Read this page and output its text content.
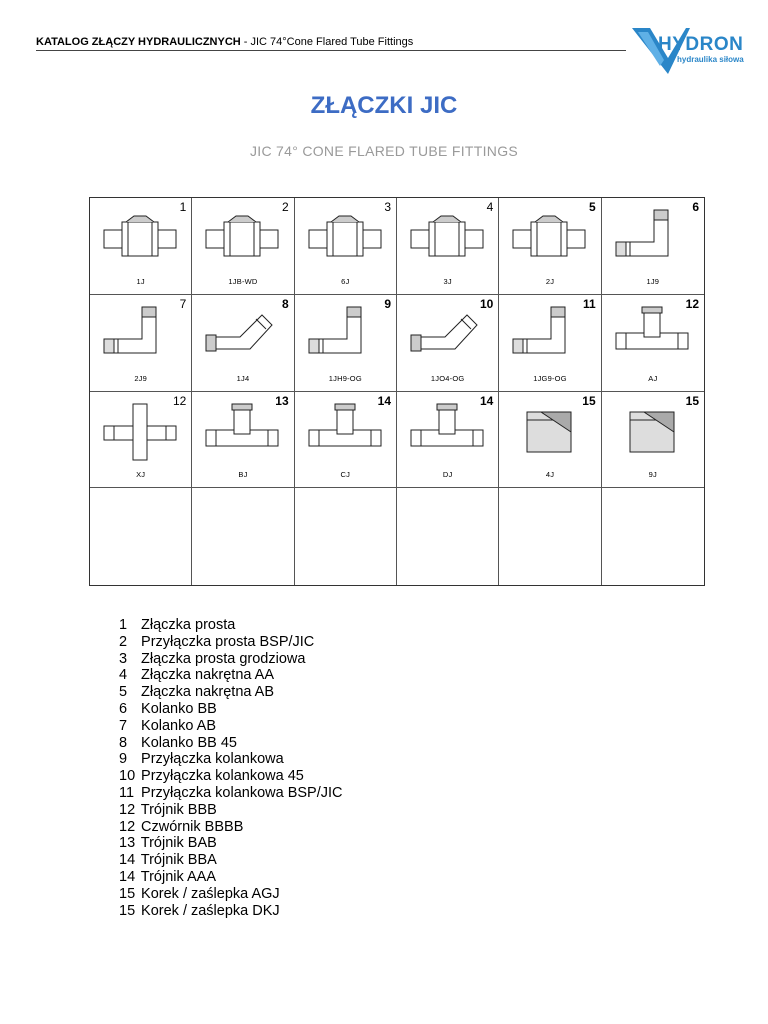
KATALOG ZŁĄCZY HYDRAULICZNYCH - JIC 74°Cone Flared Tube Fittings	HYDRON
hydraulika siłowa
ZŁĄCZKI JIC
JIC 74° CONE FLARED TUBE FITTINGS
1
1J
2
1JB-WD
3
6J
4
3J
5
2J
6
1J9
7
2J9
8
1J4
9
1JH9-OG
10
1JO4-OG
11
1JG9-OG
12
AJ
12
XJ
13
BJ
14
CJ
14
DJ
15
4J
15
9J
1 Złączka prosta
2 Przyłączka prosta BSP/JIC
3 Złączka prosta grodziowa
4 Złączka nakrętna AA
5 Złączka nakrętna AB
6 Kolanko BB
7 Kolanko AB
8 Kolanko BB 45
9 Przyłączka kolankowa
10 Przyłączka kolankowa 45
11 Przyłączka kolankowa BSP/JIC
12 Trójnik BBB
12 Czwórnik BBBB
13 Trójnik BAB
14 Trójnik BBA
14 Trójnik AAA
15 Korek / zaślepka AGJ
15 Korek / zaślepka DKJ
